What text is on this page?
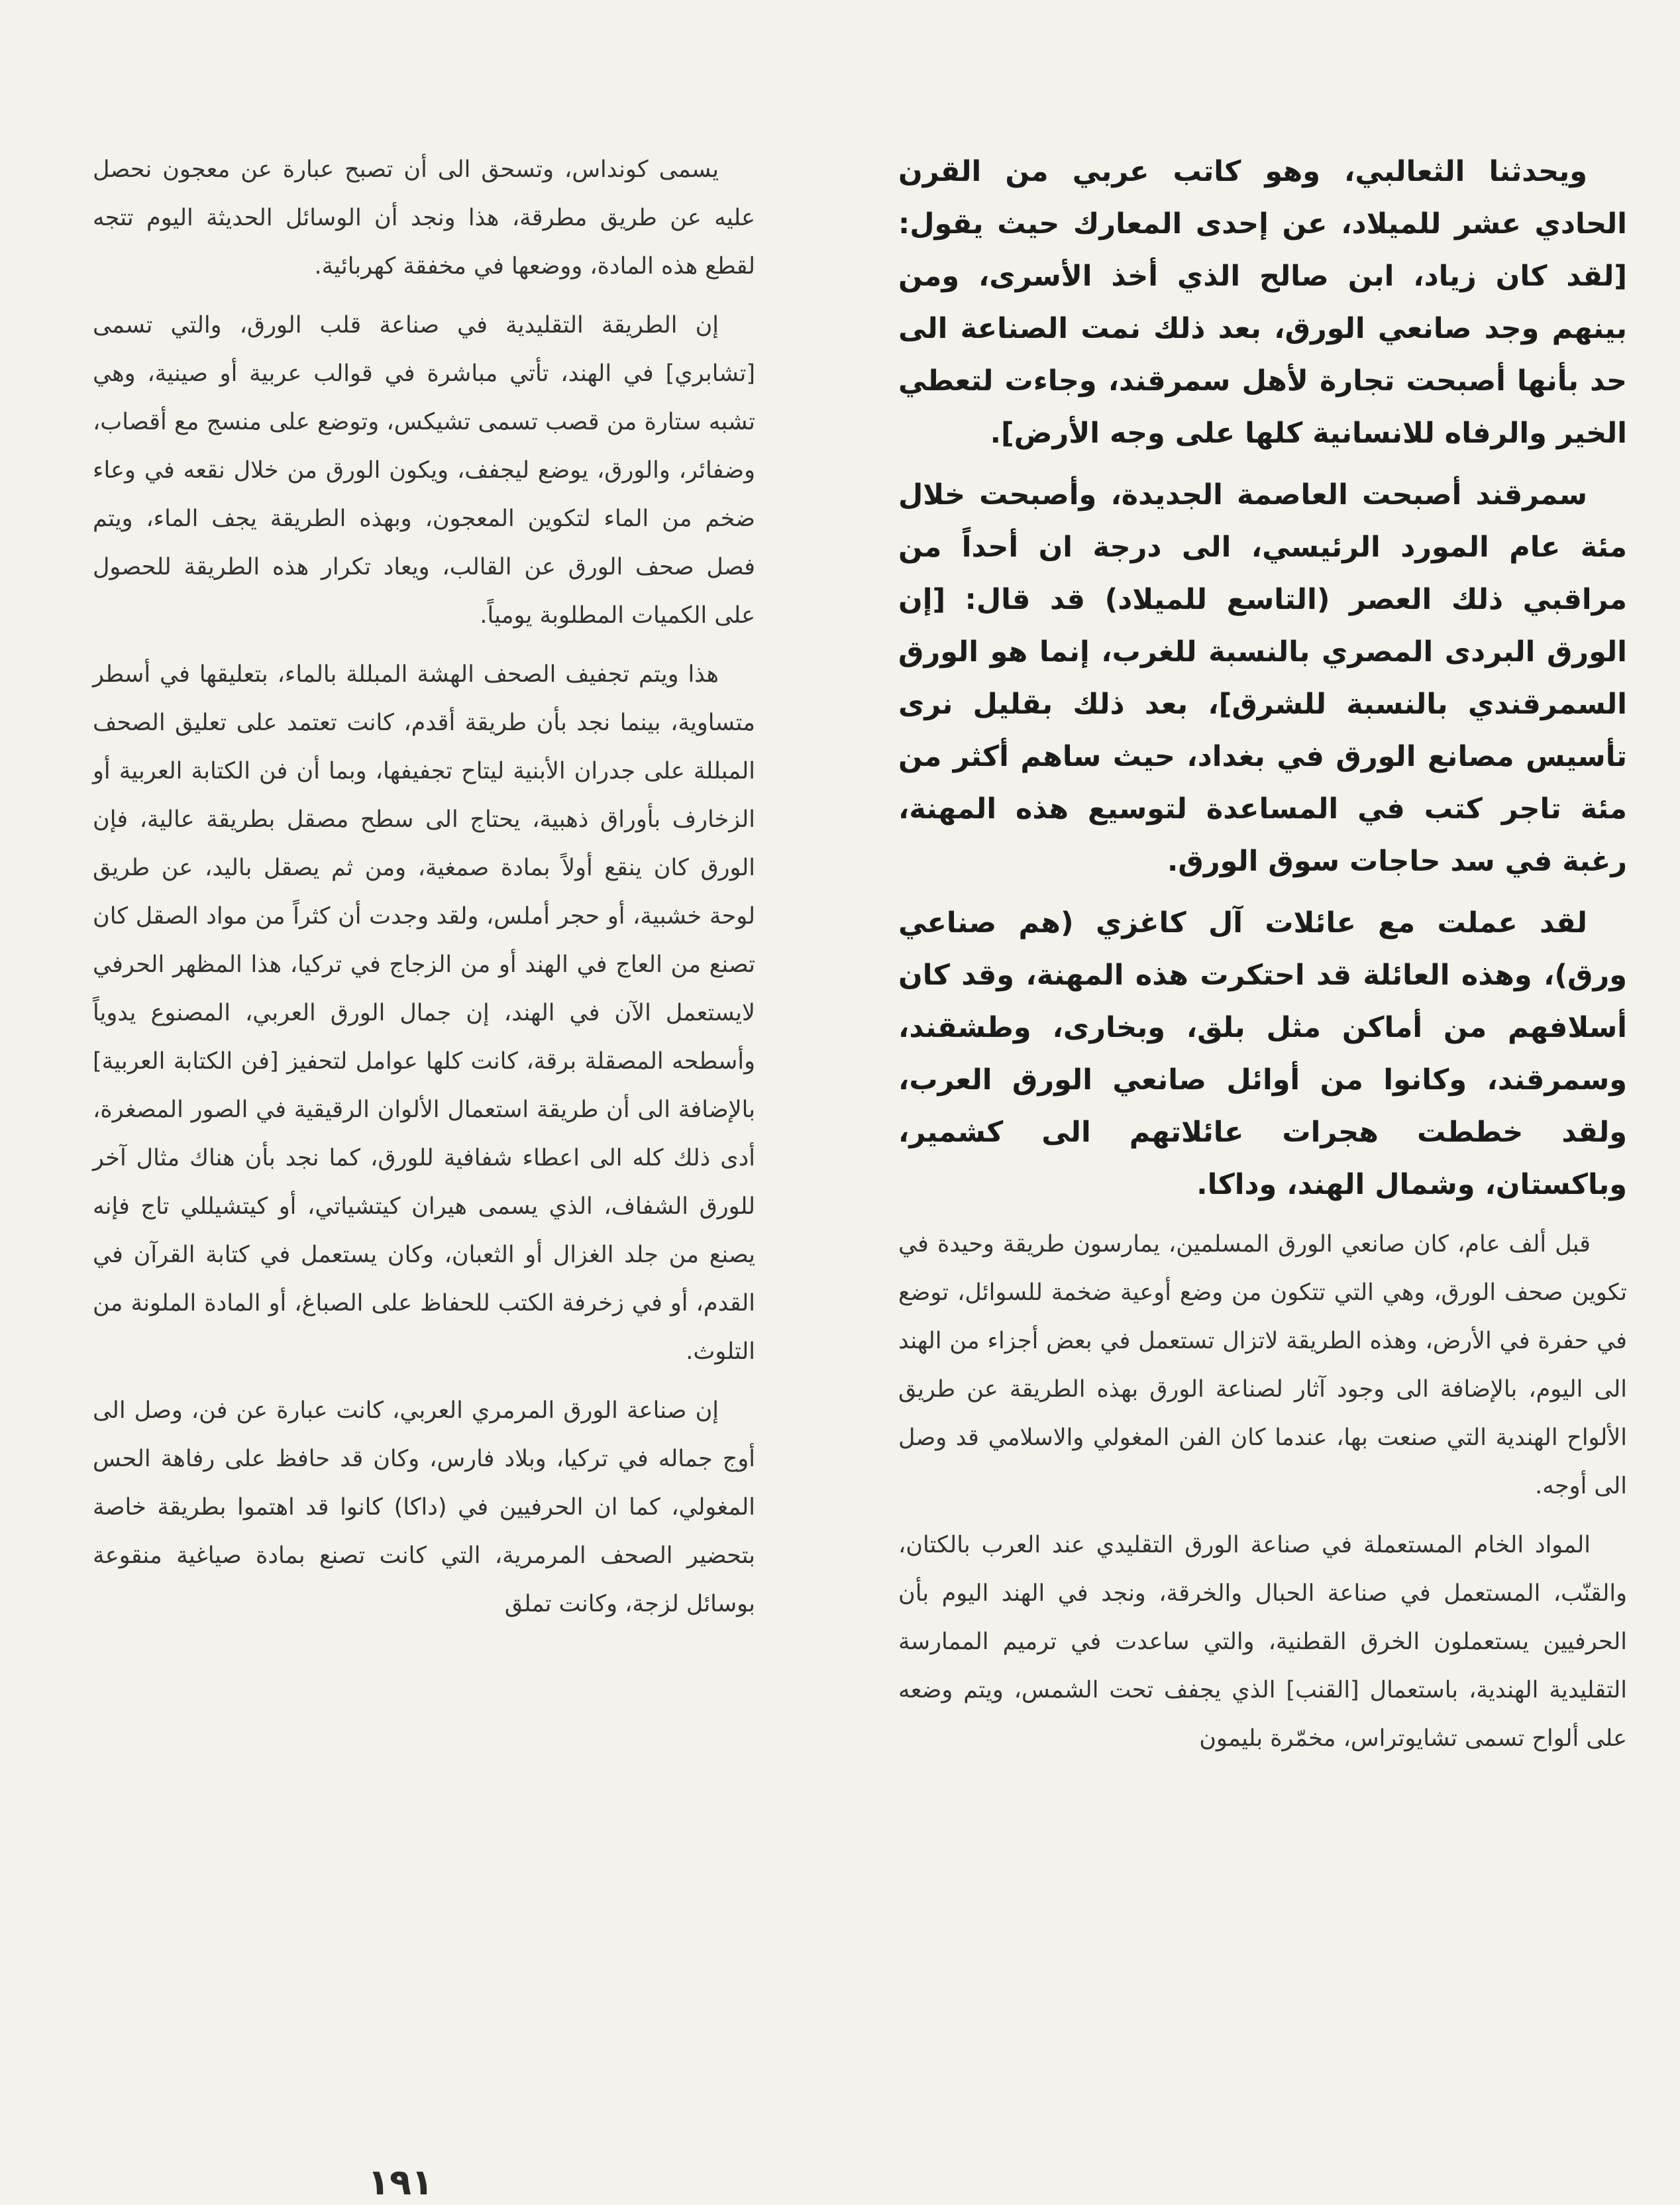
ويحدثنا الثعالبي، وهو كاتب عربي من القرن الحادي عشر للميلاد، عن إحدى المعارك حيث يقول: [لقد كان زياد، ابن صالح الذي أخذ الأسرى، ومن بينهم وجد صانعي الورق، بعد ذلك نمت الصناعة الى حد بأنها أصبحت تجارة لأهل سمرقند، وجاءت لتعطي الخير والرفاه للانسانية كلها على وجه الأرض].

سمرقند أصبحت العاصمة الجديدة، وأصبحت خلال مئة عام المورد الرئيسي، الى درجة ان أحداً من مراقبي ذلك العصر (التاسع للميلاد) قد قال: [إن الورق البردى المصري بالنسبة للغرب، إنما هو الورق السمرقندي بالنسبة للشرق]، بعد ذلك بقليل نرى تأسيس مصانع الورق في بغداد، حيث ساهم أكثر من مئة تاجر كتب في المساعدة لتوسيع هذه المهنة، رغبة في سد حاجات سوق الورق.

لقد عملت مع عائلات آل كاغزي (هم صناعي ورق)، وهذه العائلة قد احتكرت هذه المهنة، وقد كان أسلافهم من أماكن مثل بلق، وبخارى، وطشقند، وسمرقند، وكانوا من أوائل صانعي الورق العرب، ولقد خططت هجرات عائلاتهم الى كشمير، وباكستان، وشمال الهند، وداكا.

قبل ألف عام، كان صانعي الورق المسلمين، يمارسون طريقة وحيدة في تكوين صحف الورق، وهي التي تتكون من وضع أوعية ضخمة للسوائل، توضع في حفرة في الأرض، وهذه الطريقة لاتزال تستعمل في بعض أجزاء من الهند الى اليوم، بالإضافة الى وجود آثار لصناعة الورق بهذه الطريقة عن طريق الألواح الهندية التي صنعت بها، عندما كان الفن المغولي والاسلامي قد وصل الى أوجه.

المواد الخام المستعملة في صناعة الورق التقليدي عند العرب بالكتان، والقنّب، المستعمل في صناعة الحبال والخرقة، ونجد في الهند اليوم بأن الحرفيين يستعملون الخرق القطنية، والتي ساعدت في ترميم الممارسة التقليدية الهندية، باستعمال [القنب] الذي يجفف تحت الشمس، ويتم وضعه على ألواح تسمى تشايوتراس، مخمّرة بليمون

يسمى كونداس، وتسحق الى أن تصبح عبارة عن معجون نحصل عليه عن طريق مطرقة، هذا ونجد أن الوسائل الحديثة اليوم تتجه لقطع هذه المادة، ووضعها في مخفقة كهربائية.

إن الطريقة التقليدية في صناعة قلب الورق، والتي تسمى [تشابري] في الهند، تأتي مباشرة في قوالب عربية أو صينية، وهي تشبه ستارة من قصب تسمى تشيكس، وتوضع على منسج مع أقصاب، وضفائر، والورق، يوضع ليجفف، ويكون الورق من خلال نقعه في وعاء ضخم من الماء لتكوين المعجون، وبهذه الطريقة يجف الماء، ويتم فصل صحف الورق عن القالب، ويعاد تكرار هذه الطريقة للحصول على الكميات المطلوبة يومياً.

هذا ويتم تجفيف الصحف الهشة المبللة بالماء، بتعليقها في أسطر متساوية، بينما نجد بأن طريقة أقدم، كانت تعتمد على تعليق الصحف المبللة على جدران الأبنية ليتاح تجفيفها، وبما أن فن الكتابة العربية أو الزخارف بأوراق ذهبية، يحتاج الى سطح مصقل بطريقة عالية، فإن الورق كان ينقع أولاً بمادة صمغية، ومن ثم يصقل باليد، عن طريق لوحة خشبية، أو حجر أملس، ولقد وجدت أن كثراً من مواد الصقل كان تصنع من العاج في الهند أو من الزجاج في تركيا، هذا المظهر الحرفي لايستعمل الآن في الهند، إن جمال الورق العربي، المصنوع يدوياً وأسطحه المصقلة برقة، كانت كلها عوامل لتحفيز [فن الكتابة العربية] بالإضافة الى أن طريقة استعمال الألوان الرقيقية في الصور المصغرة، أدى ذلك كله الى اعطاء شفافية للورق، كما نجد بأن هناك مثال آخر للورق الشفاف، الذي يسمى هيران كيتشياتي، أو كيتشيللي تاج فإنه يصنع من جلد الغزال أو الثعبان، وكان يستعمل في كتابة القرآن في القدم، أو في زخرفة الكتب للحفاظ على الصباغ، أو المادة الملونة من التلوث.

إن صناعة الورق المرمري العربي، كانت عبارة عن فن، وصل الى أوج جماله في تركيا، وبلاد فارس، وكان قد حافظ على رفاهة الحس المغولي، كما ان الحرفيين في (داكا) كانوا قد اهتموا بطريقة خاصة بتحضير الصحف المرمرية، التي كانت تصنع بمادة صياغية منقوعة بوسائل لزجة، وكانت تملق

١٩١
